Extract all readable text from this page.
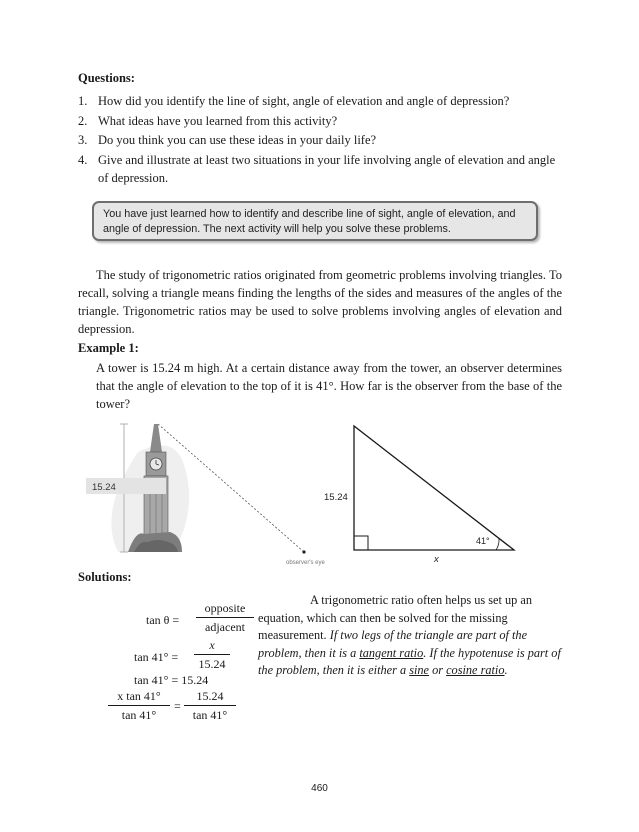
Questions:
1. How did you identify the line of sight, angle of elevation and angle of depression?
2. What ideas have you learned from this activity?
3. Do you think you can use these ideas in your daily life?
4. Give and illustrate at least two situations in your life involving angle of elevation and angle of depression.
You have just learned how to identify and describe line of sight, angle of elevation, and angle of depression. The next activity will help you solve these problems.
The study of trigonometric ratios originated from geometric problems involving triangles. To recall, solving a triangle means finding the lengths of the sides and measures of the angles of the triangle. Trigonometric ratios may be used to solve problems involving angles of elevation and depression.
Example 1:
A tower is 15.24 m high. At a certain distance away from the tower, an observer determines that the angle of elevation to the top of it is 41°. How far is the observer from the base of the tower?
15.24
observer's eye
15.24
41°
x
Solutions:
tan θ =
opposite
adjacent
$\tan 41^\circ = \frac{x}{15.24}$
tan 41° = 15.24
$\frac{\text{x tan 41°}}{\tan 41^\circ} = \frac{15.24}{\tan 41^\circ}$
A trigonometric ratio often helps us set up an equation, which can then be solved for the missing measurement. If two legs of the triangle are part of the problem, then it is a tangent ratio. If the hypotenuse is part of the problem, then it is either a sine or cosine ratio.
460
